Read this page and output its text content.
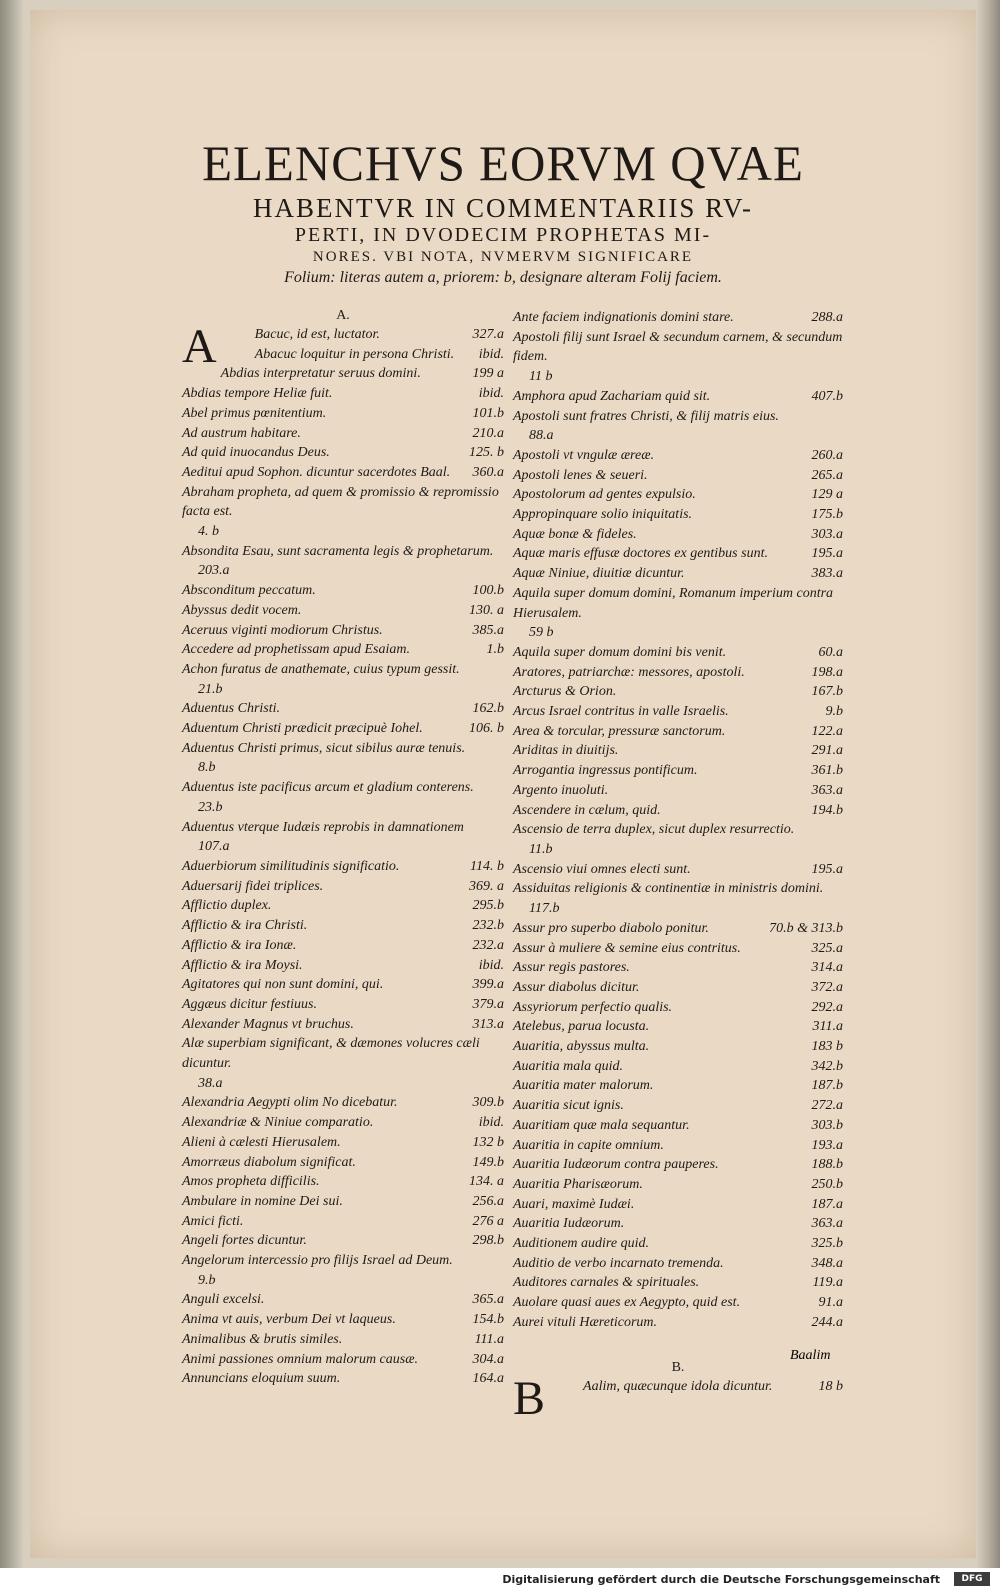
ELENCHVS EORVM QVAE
HABENTVR IN COMMENTARIIS RV-
PERTI, IN DVODECIM PROPHETAS MI-
NORES. VBI NOTA, NVMERVM SIGNIFICARE
Folium: literas autem a, priorem: b, designare alteram Folij faciem.
A.
A	Bacuc, id est, luctator.	327.a
Abacuc loquitur in persona Christi.	ibid.
Abdias interpretatur seruus domini.	199 a
Abdias tempore Heliæ fuit.	ibid.
Abel primus pœnitentium.	101.b
Ad austrum habitare.	210.a
Ad quid inuocandus Deus.	125. b
Aeditui apud Sophon. dicuntur sacerdotes Baal.	360.a
Abraham propheta, ad quem & promissio & repromissio facta est.
4. b
Absondita Esau, sunt sacramenta legis & prophetarum.
203.a
Absconditum peccatum.	100.b
Abyssus dedit vocem.	130. a
Aceruus viginti modiorum Christus.	385.a
Accedere ad prophetissam apud Esaiam.	1.b
Achon furatus de anathemate, cuius typum gessit.
21.b
Aduentus Christi.	162.b
Aduentum Christi prædicit præcipuè Iohel.	106. b
Aduentus Christi primus, sicut sibilus auræ tenuis.
8.b
Aduentus iste pacificus arcum et gladium conterens.
23.b
Aduentus vterque Iudæis reprobis in damnationem
107.a
Aduerbiorum similitudinis significatio.	114. b
Aduersarij fidei triplices.	369. a
Afflictio duplex.	295.b
Afflictio & ira Christi.	232.b
Afflictio & ira Ionæ.	232.a
Afflictio & ira Moysi.	ibid.
Agitatores qui non sunt domini, qui.	399.a
Aggæus dicitur festiuus.	379.a
Alexander Magnus vt bruchus.	313.a
Alæ superbiam significant, & dæmones volucres cæli dicuntur.
38.a
Alexandria Aegypti olim No dicebatur.	309.b
Alexandriæ & Niniue comparatio.	ibid.
Alieni à cælesti Hierusalem.	132 b
Amorræus diabolum significat.	149.b
Amos propheta difficilis.	134. a
Ambulare in nomine Dei sui.	256.a
Amici ficti.	276 a
Angeli fortes dicuntur.	298.b
Angelorum intercessio pro filijs Israel ad Deum.
9.b
Anguli excelsi.	365.a
Anima vt auis, verbum Dei vt laqueus.	154.b
Animalibus & brutis similes.	111.a
Animi passiones omnium malorum causæ.	304.a
Annuncians eloquium suum.	164.a
Ante faciem indignationis domini stare.	288.a
Apostoli filij sunt Israel & secundum carnem, & secundum fidem.
11 b
Amphora apud Zachariam quid sit.	407.b
Apostoli sunt fratres Christi, & filij matris eius.
88.a
Apostoli vt vngulæ æreæ.	260.a
Apostoli lenes & seueri.	265.a
Apostolorum ad gentes expulsio.	129 a
Appropinquare solio iniquitatis.	175.b
Aquæ bonæ & fideles.	303.a
Aquæ maris effusæ doctores ex gentibus sunt.	195.a
Aquæ Niniue, diuitiæ dicuntur.	383.a
Aquila super domum domini, Romanum imperium contra Hierusalem.
59 b
Aquila super domum domini bis venit.	60.a
Aratores, patriarchæ: messores, apostoli.	198.a
Arcturus & Orion.	167.b
Arcus Israel contritus in valle Israelis.	9.b
Area & torcular, pressuræ sanctorum.	122.a
Ariditas in diuitijs.	291.a
Arrogantia ingressus pontificum.	361.b
Argento inuoluti.	363.a
Ascendere in cælum, quid.	194.b
Ascensio de terra duplex, sicut duplex resurrectio.
11.b
Ascensio viui omnes electi sunt.	195.a
Assiduitas religionis & continentiæ in ministris domini.
117.b
Assur pro superbo diabolo ponitur.	70.b & 313.b
Assur à muliere & semine eius contritus.	325.a
Assur regis pastores.	314.a
Assur diabolus dicitur.	372.a
Assyriorum perfectio qualis.	292.a
Atelebus, parua locusta.	311.a
Auaritia, abyssus multa.	183 b
Auaritia mala quid.	342.b
Auaritia mater malorum.	187.b
Auaritia sicut ignis.	272.a
Auaritiam quæ mala sequantur.	303.b
Auaritia in capite omnium.	193.a
Auaritia Iudæorum contra pauperes.	188.b
Auaritia Pharisæorum.	250.b
Auari, maximè Iudæi.	187.a
Auaritia Iudæorum.	363.a
Auditionem audire quid.	325.b
Auditio de verbo incarnato tremenda.	348.a
Auditores carnales & spirituales.	119.a
Auolare quasi aues ex Aegypto, quid est.	91.a
Aurei vituli Hæreticorum.	244.a
B.
B	Aalim, quæcunque idola dicuntur.	18 b
Baalim
Digitalisierung gefördert durch die Deutsche Forschungsgemeinschaft	DFG
